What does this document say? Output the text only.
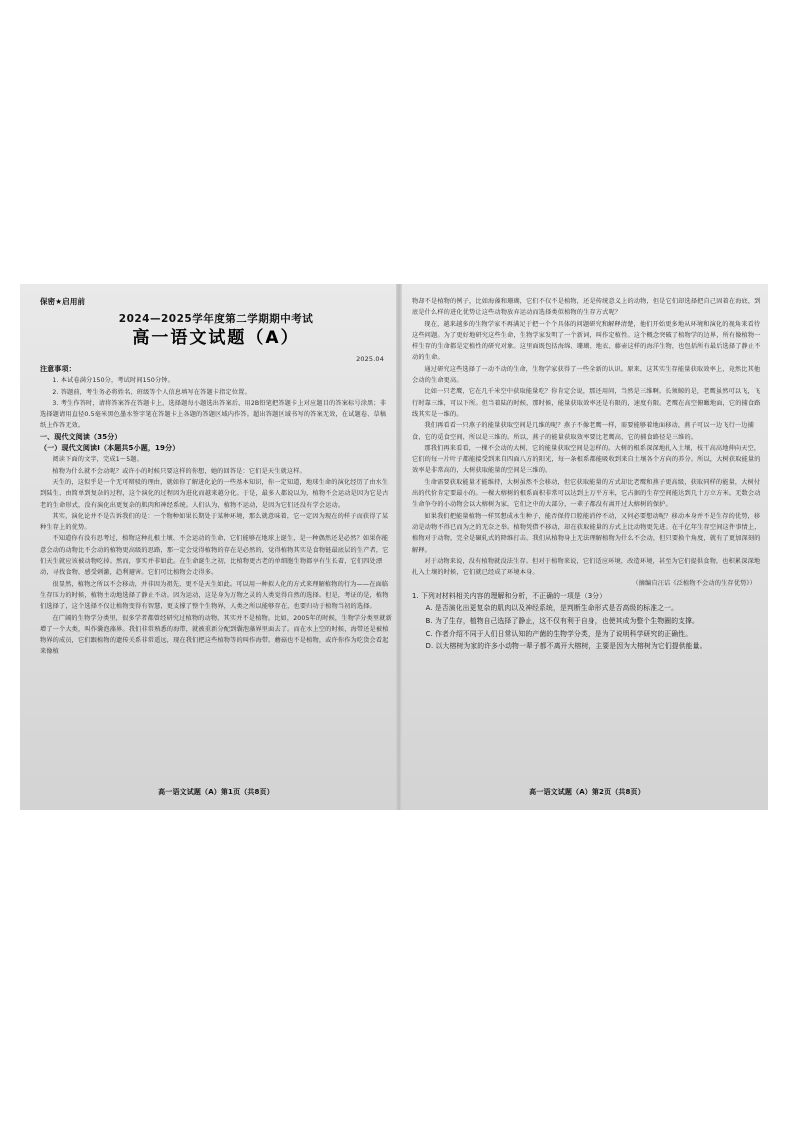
保密★启用前
2024—2025学年度第二学期期中考试
高一语文试题（A）
2025.04

注意事项：

1. 本试卷满分150分，考试时间150分钟。

2. 答题前，考生务必将姓名、班级等个人信息填写在答题卡指定位置。

3. 考生作答时，请将答案答在答题卡上，选择题每小题选出答案后，用2B铅笔把答题卡上对应题目的答案标号涂黑；非选择题请用直径0.5毫米黑色墨水签字笔在答题卡上各题的答题区域内作答。超出答题区域书写的答案无效，在试题卷、草稿纸上作答无效。

一、现代文阅读（35分）

（一）现代文阅读Ⅰ（本题共5小题，19分）

阅读下面的文字，完成1～5题。

植物为什么就不会动呢？或许小的时候只要这样的你想，她的回答是：它们是天生就这样。

天生的，这似乎是一个无可辩驳的理由，就如你了解进化论的一些基本知识，你一定知道，地球生命的演化经历了由水生到陆生、由简单到复杂的过程，这个演化的过程因为进化而越来越分化。于是，最多人都说以为，植物不会运动是因为它是古老的生命形式，没有演化出更复杂的肌肉和神经系统。人们认为，植物不运动，是因为它们还没有学会运动。

其实，演化论并不是告诉我们的是：一个物种如果长期处于某种环境，那么就意味着，它一定因为现在的样子而获得了某种生存上的优势。

不知道你有没有思考过，植物这种扎根土壤、不会运动的生命，它们能够在地球上诞生，是一种偶然还是必然？如果你能意会动的动物比不会动的植物更高级的思路，那一定会觉得植物的存在是必然的，觉得植物其实是食物链最底层的生产者，它们天生就应该被动物吃掉。然而，事实并非如此。在生命诞生之初，比植物更古老的单细胞生物都享有生长着，它们四处漂动，寻找食物，感受刺激，趋利避害。它们可比植物会走得多。

很显然，植物之所以不会移动，并非因为祖先，更不是天生如此。可以用一种拟人化的方式来理解植物的行为——在面临生存压力的时候，植物主动地选择了静止不动。因为运动，这是身为万物之灵的人类觉得自然的选择。但是，考证的是，植物们选择了，这个选择不仅让植物变得有智慧，更支撑了整个生物界，人类之所以能够存在，也要归功于植物当初的选择。

在广阔的生物学分类里，很多学者都曾经研究过植物的动物，其实并不是植物。比如，2005年的时候，生物学分类里就新增了一个大类，叫作囊泡藻界。我们非常熟悉的海带，就被重新分配到囊泡藻界里面去了。而在水上空的时候，海带还是被植物界的成员，它们跟植物的遗传关系非常遥远，现在我们把这些植物等的叫作海带。蘑菇也不是植物，或许你作为吃货会看起来像植

高一语文试题（A）第1页（共8页）

物却不是植物的例子，比如海藻和珊瑚，它们不仅不是植物，还是传统意义上的动物，但是它们却选择把自己固着在海底，到底是什么样的进化优势让这些动物放弃运动而选择类似植物的生存方式呢？

现在，越来越多的生物学家不再满足于把一个个具体的问题研究和解释清楚，他们开始更多地从环境和演化的视角来看待这些问题。为了更好地研究这些生命，生物学家发明了一个新词，叫作定植性。这个概念突破了植物学的边界，所有像植物一样生存的生命都是定植性的研究对象。这里面既包括海绵、珊瑚、地衣、藤壶这样的海洋生物，也包括所有最后选择了静止不动的生命。

通过研究这些选择了一动不动的生命，生物学家获得了一些全新的认识。原来，这其实生存能量获取效率上，竟然比其他会动的生命更高。

比如一只老鹰，它在几千米空中获取能量吃？你肯定会说，那还用问，当然是三维啊。长须鲸的是，老鹰虽然可以飞，飞行时靠三维，可以下所。但当着陆的时候，那时候，能量获取效率还是有限的，速度有限。老鹰在高空俯瞰地面，它的捕食路线其实是一维的。

我们再看看一只燕子的能量获取空间是几维的呢？燕子不像老鹰一样，需要能够着地面移动，燕子可以一边飞行一边捕食，它的觅食空间，所以是三维的。所以，燕子的能量获取效率要比老鹰高，它的捕食路径是三维的。

那我们再来看看，一棵不会动的大树，它的能量获取空间是怎样的。大树的根系深深地扎入土壤，枝干高高地伸向天空，它们的每一片叶子都能接受到来自四面八方的阳光，每一条根系都能吸收到来自土壤各个方向的养分。所以，大树获取能量的效率是非常高的，大树获取能量的空间是三维的。

生命需要获取能量才能维持，大树虽然不会移动，但它获取能量的方式却比老鹰和燕子更高级，获取同样的能量，大树付出的代价肯定要最小的。一棵大榕树的根系面积非常可以达到上万平方米，它占据的生存空间能达到几十万立方米。无数会动生命争夺的小动物会以大榕树为家，它们之中的大部分，一辈子都没有离开过大榕树的保护。

如果我们把能量植物一样冥想成永生种子，能否保持口腔能消停不动，又何必要想动呢？移动本身并不是生存的优势，移动是动物不得已而为之的无奈之举。植物凭借不移动，却在获取能量的方式上比动物更先进。在千亿年生存空间这件事情上，植物对于动物，完全是碾轧式的降维打击。我们从植物身上无法理解植物为什么不会动，但只要换个角度，就有了更加深刻的解释。

对于动物来说，没有植物就没法生存。但对于植物来说，它们适应环境，改造环境，甚至为它们提供食物，也积累深深地扎入土壤的时候，它们就已经成了环境本身。

（摘编自汪诘《泛植物不会动的生存优势》）

1. 下列对材料相关内容的理解和分析，不正确的一项是（3分）

A. 是否演化出更复杂的肌肉以及神经系统，是判断生命形式是否高级的标准之一。

B. 为了生存，植物自己选择了静止，这不仅有利于自身，也使其成为整个生物圈的支撑。

C. 作者介绍不同于人们日常认知的产菌的生物学分类，是为了说明科学研究的正确性。

D. 以大榕树为家的许多小动物一辈子都不离开大榕树，主要是因为大榕树为它们提供能量。

高一语文试题（A）第2页（共8页）
